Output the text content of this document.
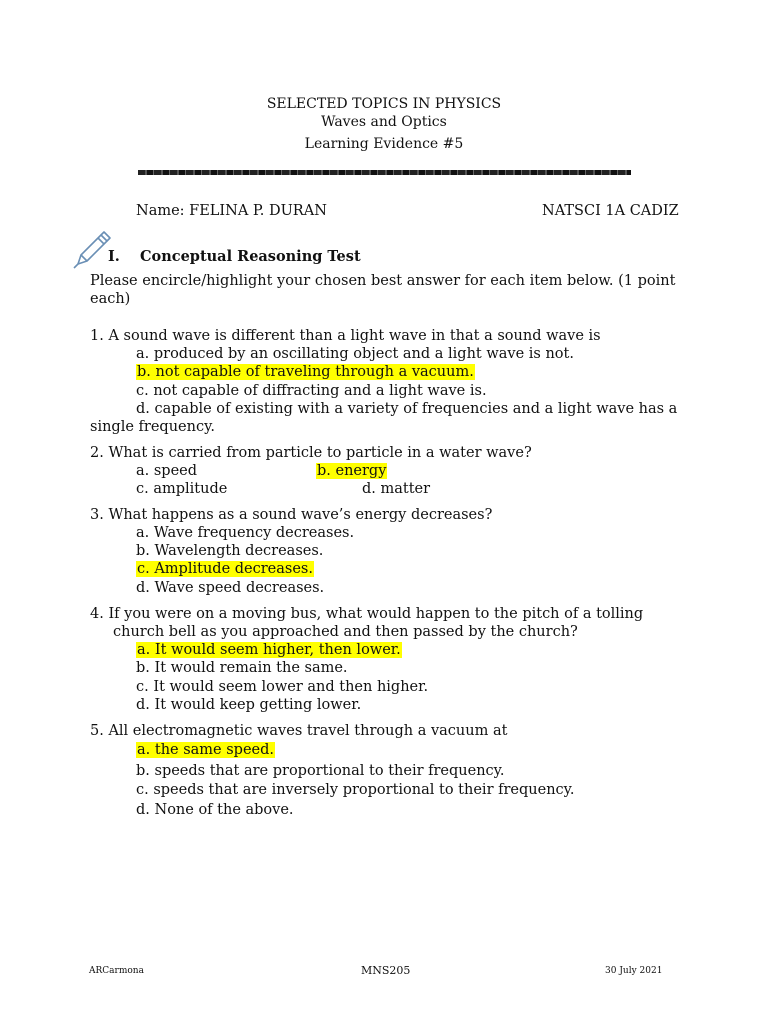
SELECTED TOPICS IN PHYSICS
Waves and Optics
Learning Evidence #5
Name: FELINA P. DURAN	NATSCI 1A CADIZ
I. Conceptual Reasoning Test
Please encircle/highlight your chosen best answer for each item below. (1 point
each)
1. A sound wave is different than a light wave in that a sound wave is
a. produced by an oscillating object and a light wave is not.
b. not capable of traveling through a vacuum.
c. not capable of diffracting and a light wave is.
d. capable of existing with a variety of frequencies and a light wave has a
single frequency.
2. What is carried from particle to particle in a water wave?
a. speed	b. energy
c. amplitude	d. matter
3. What happens as a sound wave’s energy decreases?
a. Wave frequency decreases.
b. Wavelength decreases.
c. Amplitude decreases.
d. Wave speed decreases.
4. If you were on a moving bus, what would happen to the pitch of a tolling
church bell as you approached and then passed by the church?
a. It would seem higher, then lower.
b. It would remain the same.
c. It would seem lower and then higher.
d. It would keep getting lower.
5. All electromagnetic waves travel through a vacuum at
a. the same speed.
b. speeds that are proportional to their frequency.
c. speeds that are inversely proportional to their frequency.
d. None of the above.
ARCarmona	MNS205	30 July 2021
